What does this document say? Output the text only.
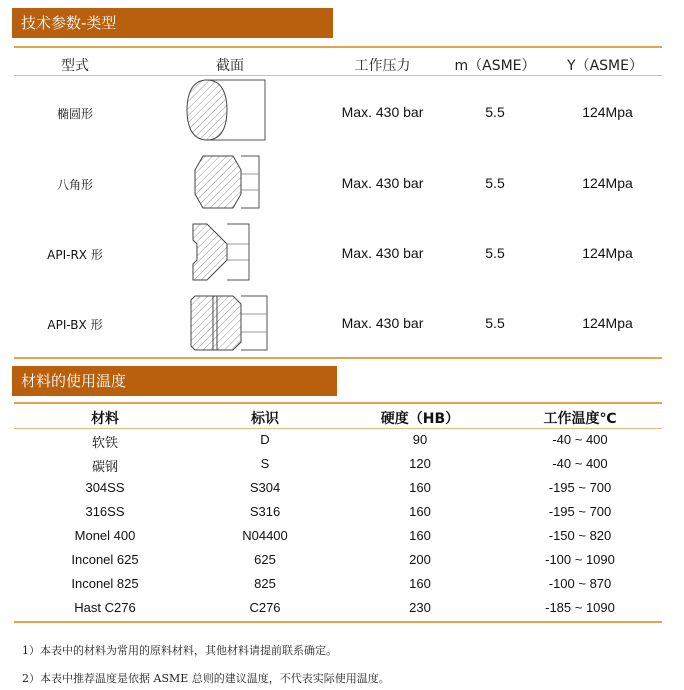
技术参数-类型
型式	截面	工作压力	m（ASME）	Y（ASME）
椭圆形	Max. 430 bar	5.5	124Mpa
八角形	Max. 430 bar	5.5	124Mpa
API-RX 形	Max. 430 bar	5.5	124Mpa
API-BX 形	Max. 430 bar	5.5	124Mpa
材料的使用温度
材料	标识	硬度（HB）	工作温度℃
软铁	D	90	-40 ~ 400
碳钢	S	120	-40 ~ 400
304SS	S304	160	-195 ~ 700
316SS	S316	160	-195 ~ 700
Monel 400	N04400	160	-150 ~ 820
Inconel 625	625	200	-100 ~ 1090
Inconel 825	825	160	-100 ~ 870
Hast C276	C276	230	-185 ~ 1090
1）本表中的材料为常用的原料材料，其他材料请提前联系确定。
2）本表中推荐温度是依据 ASME 总则的建议温度，不代表实际使用温度。
